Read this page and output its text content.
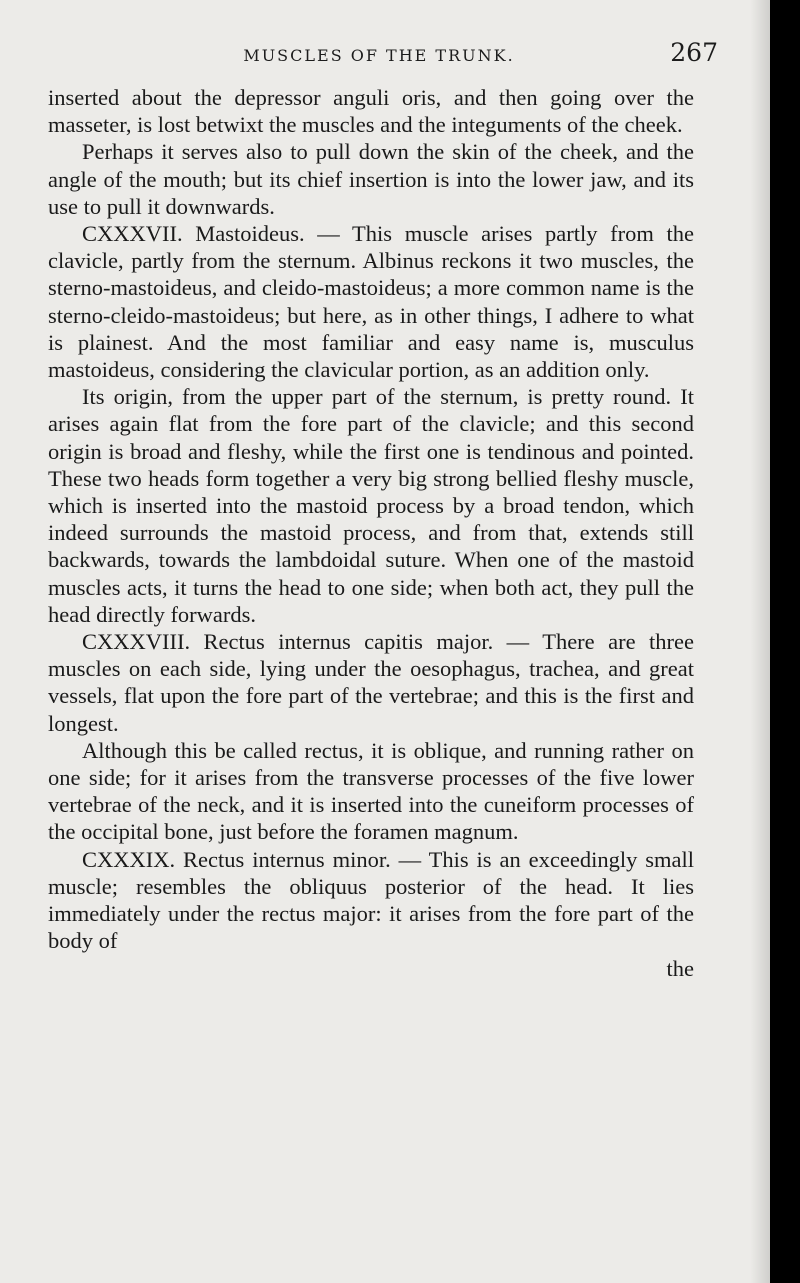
MUSCLES OF THE TRUNK.	267

inserted about the depressor anguli oris, and then going over the masseter, is lost betwixt the muscles and the integuments of the cheek.

Perhaps it serves also to pull down the skin of the cheek, and the angle of the mouth; but its chief insertion is into the lower jaw, and its use to pull it downwards.

CXXXVII. Mastoideus. — This muscle arises partly from the clavicle, partly from the sternum. Albinus reckons it two muscles, the sterno-mastoideus, and cleido-mastoideus; a more common name is the sterno-cleido-mastoideus; but here, as in other things, I adhere to what is plainest. And the most familiar and easy name is, musculus mastoideus, considering the clavicular portion, as an addition only.

Its origin, from the upper part of the sternum, is pretty round. It arises again flat from the fore part of the clavicle; and this second origin is broad and fleshy, while the first one is tendinous and pointed. These two heads form together a very big strong bellied fleshy muscle, which is inserted into the mastoid process by a broad tendon, which indeed surrounds the mastoid process, and from that, extends still backwards, towards the lambdoidal suture. When one of the mastoid muscles acts, it turns the head to one side; when both act, they pull the head directly forwards.

CXXXVIII. Rectus internus capitis major. — There are three muscles on each side, lying under the oesophagus, trachea, and great vessels, flat upon the fore part of the vertebrae; and this is the first and longest.

Although this be called rectus, it is oblique, and running rather on one side; for it arises from the transverse processes of the five lower vertebrae of the neck, and it is inserted into the cuneiform processes of the occipital bone, just before the foramen magnum.

CXXXIX. Rectus internus minor. — This is an exceedingly small muscle; resembles the obliquus posterior of the head. It lies immediately under the rectus major: it arises from the fore part of the body of

the
